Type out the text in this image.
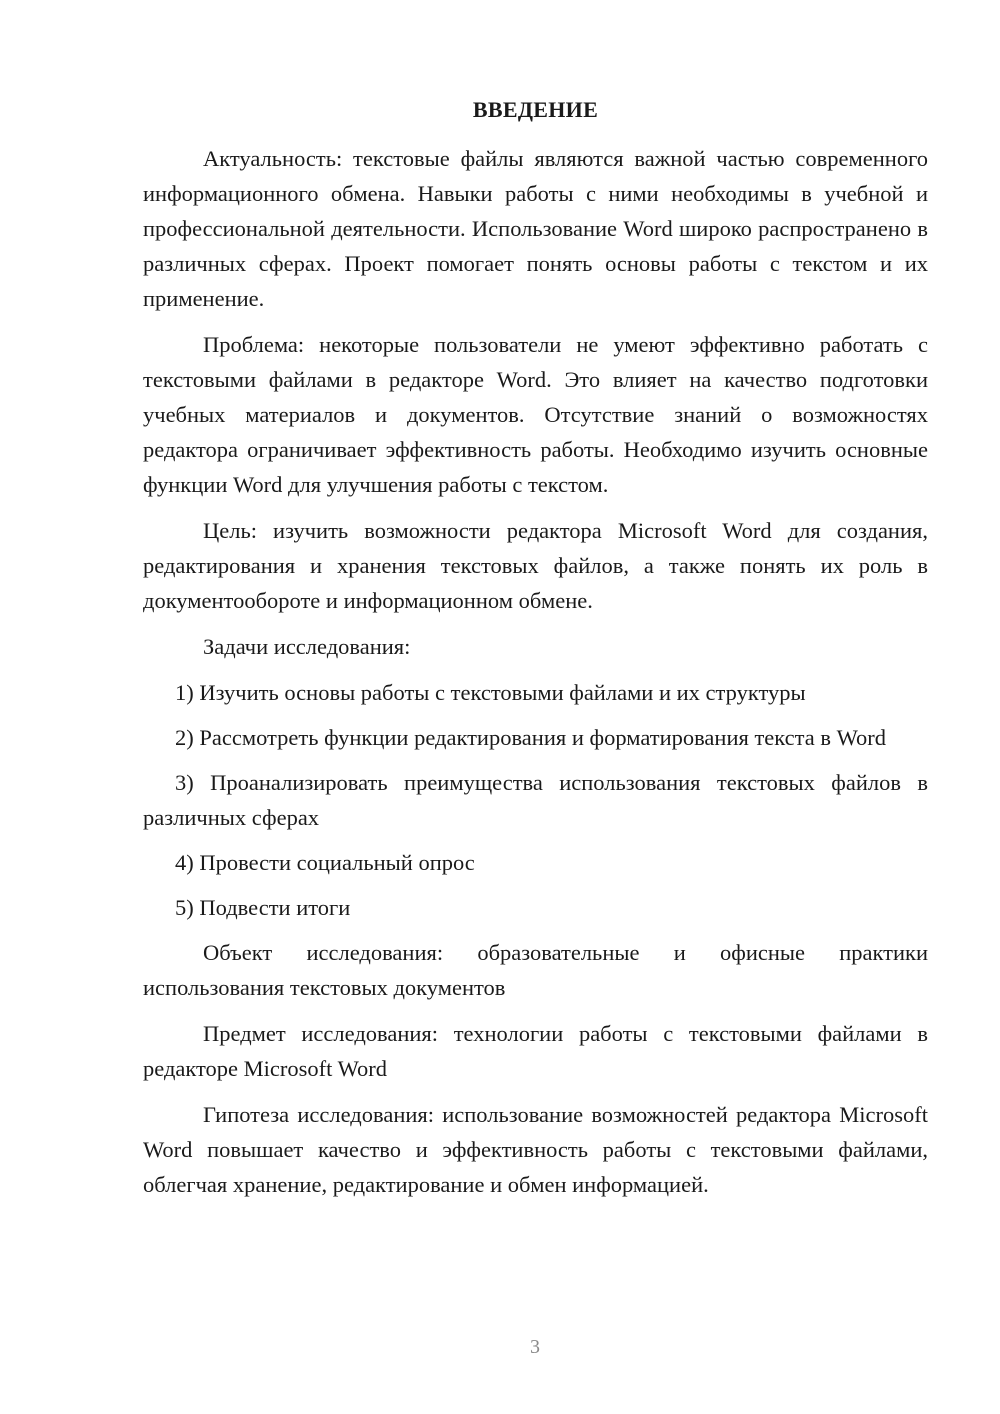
ВВЕДЕНИЕ

Актуальность: текстовые файлы являются важной частью современного информационного обмена. Навыки работы с ними необходимы в учебной и профессиональной деятельности. Использование Word широко распространено в различных сферах. Проект помогает понять основы работы с текстом и их применение.

Проблема: некоторые пользователи не умеют эффективно работать с текстовыми файлами в редакторе Word. Это влияет на качество подготовки учебных материалов и документов. Отсутствие знаний о возможностях редактора ограничивает эффективность работы. Необходимо изучить основные функции Word для улучшения работы с текстом.

Цель: изучить возможности редактора Microsoft Word для создания, редактирования и хранения текстовых файлов, а также понять их роль в документообороте и информационном обмене.

Задачи исследования:

1) Изучить основы работы с текстовыми файлами и их структуры

2) Рассмотреть функции редактирования и форматирования текста в Word

3) Проанализировать преимущества использования текстовых файлов в различных сферах

4) Провести социальный опрос

5) Подвести итоги

Объект исследования: образовательные и офисные практики использования текстовых документов

Предмет исследования: технологии работы с текстовыми файлами в редакторе Microsoft Word

Гипотеза исследования: использование возможностей редактора Microsoft Word повышает качество и эффективность работы с текстовыми файлами, облегчая хранение, редактирование и обмен информацией.

3
